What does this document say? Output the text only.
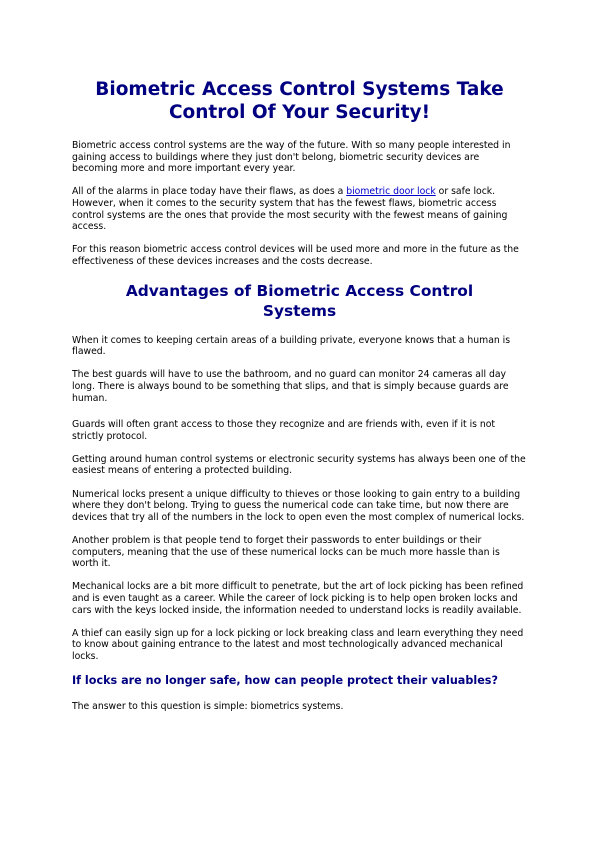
Biometric Access Control Systems Take
Control Of Your Security!

Biometric access control systems are the way of the future. With so many people interested in gaining access to buildings where they just don't belong, biometric security devices are becoming more and more important every year.

All of the alarms in place today have their flaws, as does a biometric door lock or safe lock. However, when it comes to the security system that has the fewest flaws, biometric access control systems are the ones that provide the most security with the fewest means of gaining access.

For this reason biometric access control devices will be used more and more in the future as the effectiveness of these devices increases and the costs decrease.

Advantages of Biometric Access Control
Systems

When it comes to keeping certain areas of a building private, everyone knows that a human is flawed.

The best guards will have to use the bathroom, and no guard can monitor 24 cameras all day long. There is always bound to be something that slips, and that is simply because guards are human.

Guards will often grant access to those they recognize and are friends with, even if it is not strictly protocol.

Getting around human control systems or electronic security systems has always been one of the easiest means of entering a protected building.

Numerical locks present a unique difficulty to thieves or those looking to gain entry to a building where they don't belong. Trying to guess the numerical code can take time, but now there are devices that try all of the numbers in the lock to open even the most complex of numerical locks.

Another problem is that people tend to forget their passwords to enter buildings or their computers, meaning that the use of these numerical locks can be much more hassle than is worth it.

Mechanical locks are a bit more difficult to penetrate, but the art of lock picking has been refined and is even taught as a career. While the career of lock picking is to help open broken locks and cars with the keys locked inside, the information needed to understand locks is readily available.

A thief can easily sign up for a lock picking or lock breaking class and learn everything they need to know about gaining entrance to the latest and most technologically advanced mechanical locks.

If locks are no longer safe, how can people protect their valuables?

The answer to this question is simple: biometrics systems.
